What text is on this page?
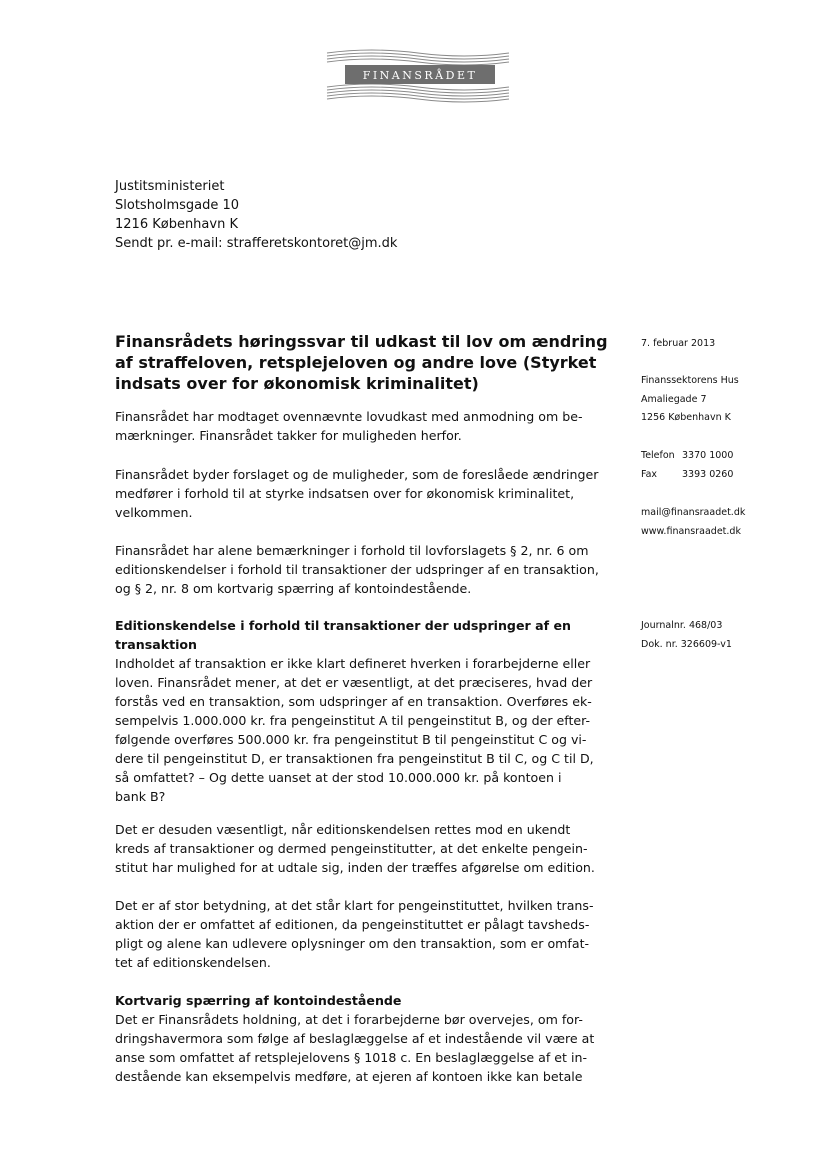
FINANSRÅDET
Justitsministeriet
Slotsholmsgade 10
1216 København K
Sendt pr. e-mail: strafferetskontoret@jm.dk
Finansrådets høringssvar til udkast til lov om ændring
af straffeloven, retsplejeloven og andre love (Styrket
indsats over for økonomisk kriminalitet)
Finansrådet har modtaget ovennævnte lovudkast med anmodning om be-
mærkninger. Finansrådet takker for muligheden herfor.
Finansrådet byder forslaget og de muligheder, som de foreslåede ændringer
medfører i forhold til at styrke indsatsen over for økonomisk kriminalitet,
velkommen.
Finansrådet har alene bemærkninger i forhold til lovforslagets § 2, nr. 6 om
editionskendelser i forhold til transaktioner der udspringer af en transaktion,
og § 2, nr. 8 om kortvarig spærring af kontoindestående.
Editionskendelse i forhold til transaktioner der udspringer af en
transaktion
Indholdet af transaktion er ikke klart defineret hverken i forarbejderne eller
loven. Finansrådet mener, at det er væsentligt, at det præciseres, hvad der
forstås ved en transaktion, som udspringer af en transaktion. Overføres ek-
sempelvis 1.000.000 kr. fra pengeinstitut A til pengeinstitut B, og der efter-
følgende overføres 500.000 kr. fra pengeinstitut B til pengeinstitut C og vi-
dere til pengeinstitut D, er transaktionen fra pengeinstitut B til C, og C til D,
så omfattet? – Og dette uanset at der stod 10.000.000 kr. på kontoen i
bank B?
Det er desuden væsentligt, når editionskendelsen rettes mod en ukendt
kreds af transaktioner og dermed pengeinstitutter, at det enkelte pengein-
stitut har mulighed for at udtale sig, inden der træffes afgørelse om edition.
Det er af stor betydning, at det står klart for pengeinstituttet, hvilken trans-
aktion der er omfattet af editionen, da pengeinstituttet er pålagt tavsheds-
pligt og alene kan udlevere oplysninger om den transaktion, som er omfat-
tet af editionskendelsen.
Kortvarig spærring af kontoindestående
Det er Finansrådets holdning, at det i forarbejderne bør overvejes, om for-
dringshavermora som følge af beslaglæggelse af et indestående vil være at
anse som omfattet af retsplejelovens § 1018 c. En beslaglæggelse af et in-
destående kan eksempelvis medføre, at ejeren af kontoen ikke kan betale
7. februar 2013
Finanssektorens Hus
Amaliegade 7
1256 København K
Telefon 3370 1000
Fax	3393 0260
mail@finansraadet.dk
www.finansraadet.dk
Journalnr. 468/03
Dok. nr. 326609-v1
